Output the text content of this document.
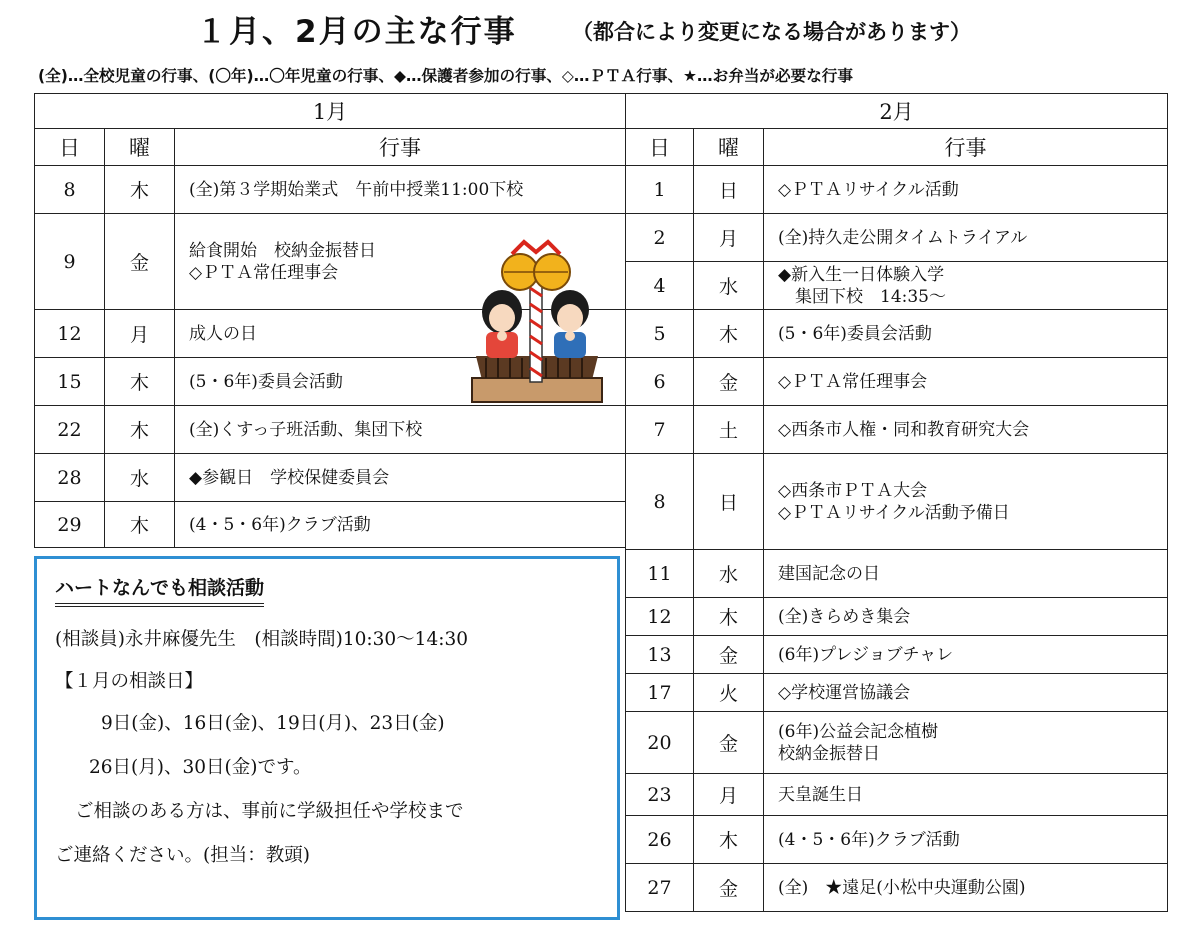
１月、2月の主な行事	（都合により変更になる場合があります）
(全)…全校児童の行事、(〇年)…〇年児童の行事、◆…保護者参加の行事、◇…ＰＴＡ行事、★…お弁当が必要な行事
1月		
日	曜	行事
8	木	(全)第３学期始業式　午前中授業11:00下校

9	金	給食開始　校納金振替日
◇ＰＴＡ常任理事会

12	月	成人の日

15	木	(5・6年)委員会活動

22	木	(全)くすっ子班活動、集団下校

28	水	◆参観日　学校保健委員会

29	木	(4・5・6年)クラブ活動
2月		
日	曜	行事
1	日	◇ＰＴＡリサイクル活動

2	月	(全)持久走公開タイムトライアル

4	水	◆新入生一日体験入学
　集団下校　14:35～

5	木	(5・6年)委員会活動

6	金	◇ＰＴＡ常任理事会

7	土	◇西条市人権・同和教育研究大会

8	日	◇西条市ＰＴＡ大会
◇ＰＴＡリサイクル活動予備日

11	水	建国記念の日

12	木	(全)きらめき集会

13	金	(6年)プレジョブチャレ

17	火	◇学校運営協議会

20	金	(6年)公益会記念植樹
校納金振替日

23	月	天皇誕生日

26	木	(4・5・6年)クラブ活動

27	金	(全)　★遠足(小松中央運動公園)
ハートなんでも相談活動
(相談員)永井麻優先生　(相談時間)10:30～14:30
【１月の相談日】
9日(金)、16日(金)、19日(月)、23日(金)
26日(月)、30日(金)です。
ご相談のある方は、事前に学級担任や学校まで
ご連絡ください。(担当：教頭)
